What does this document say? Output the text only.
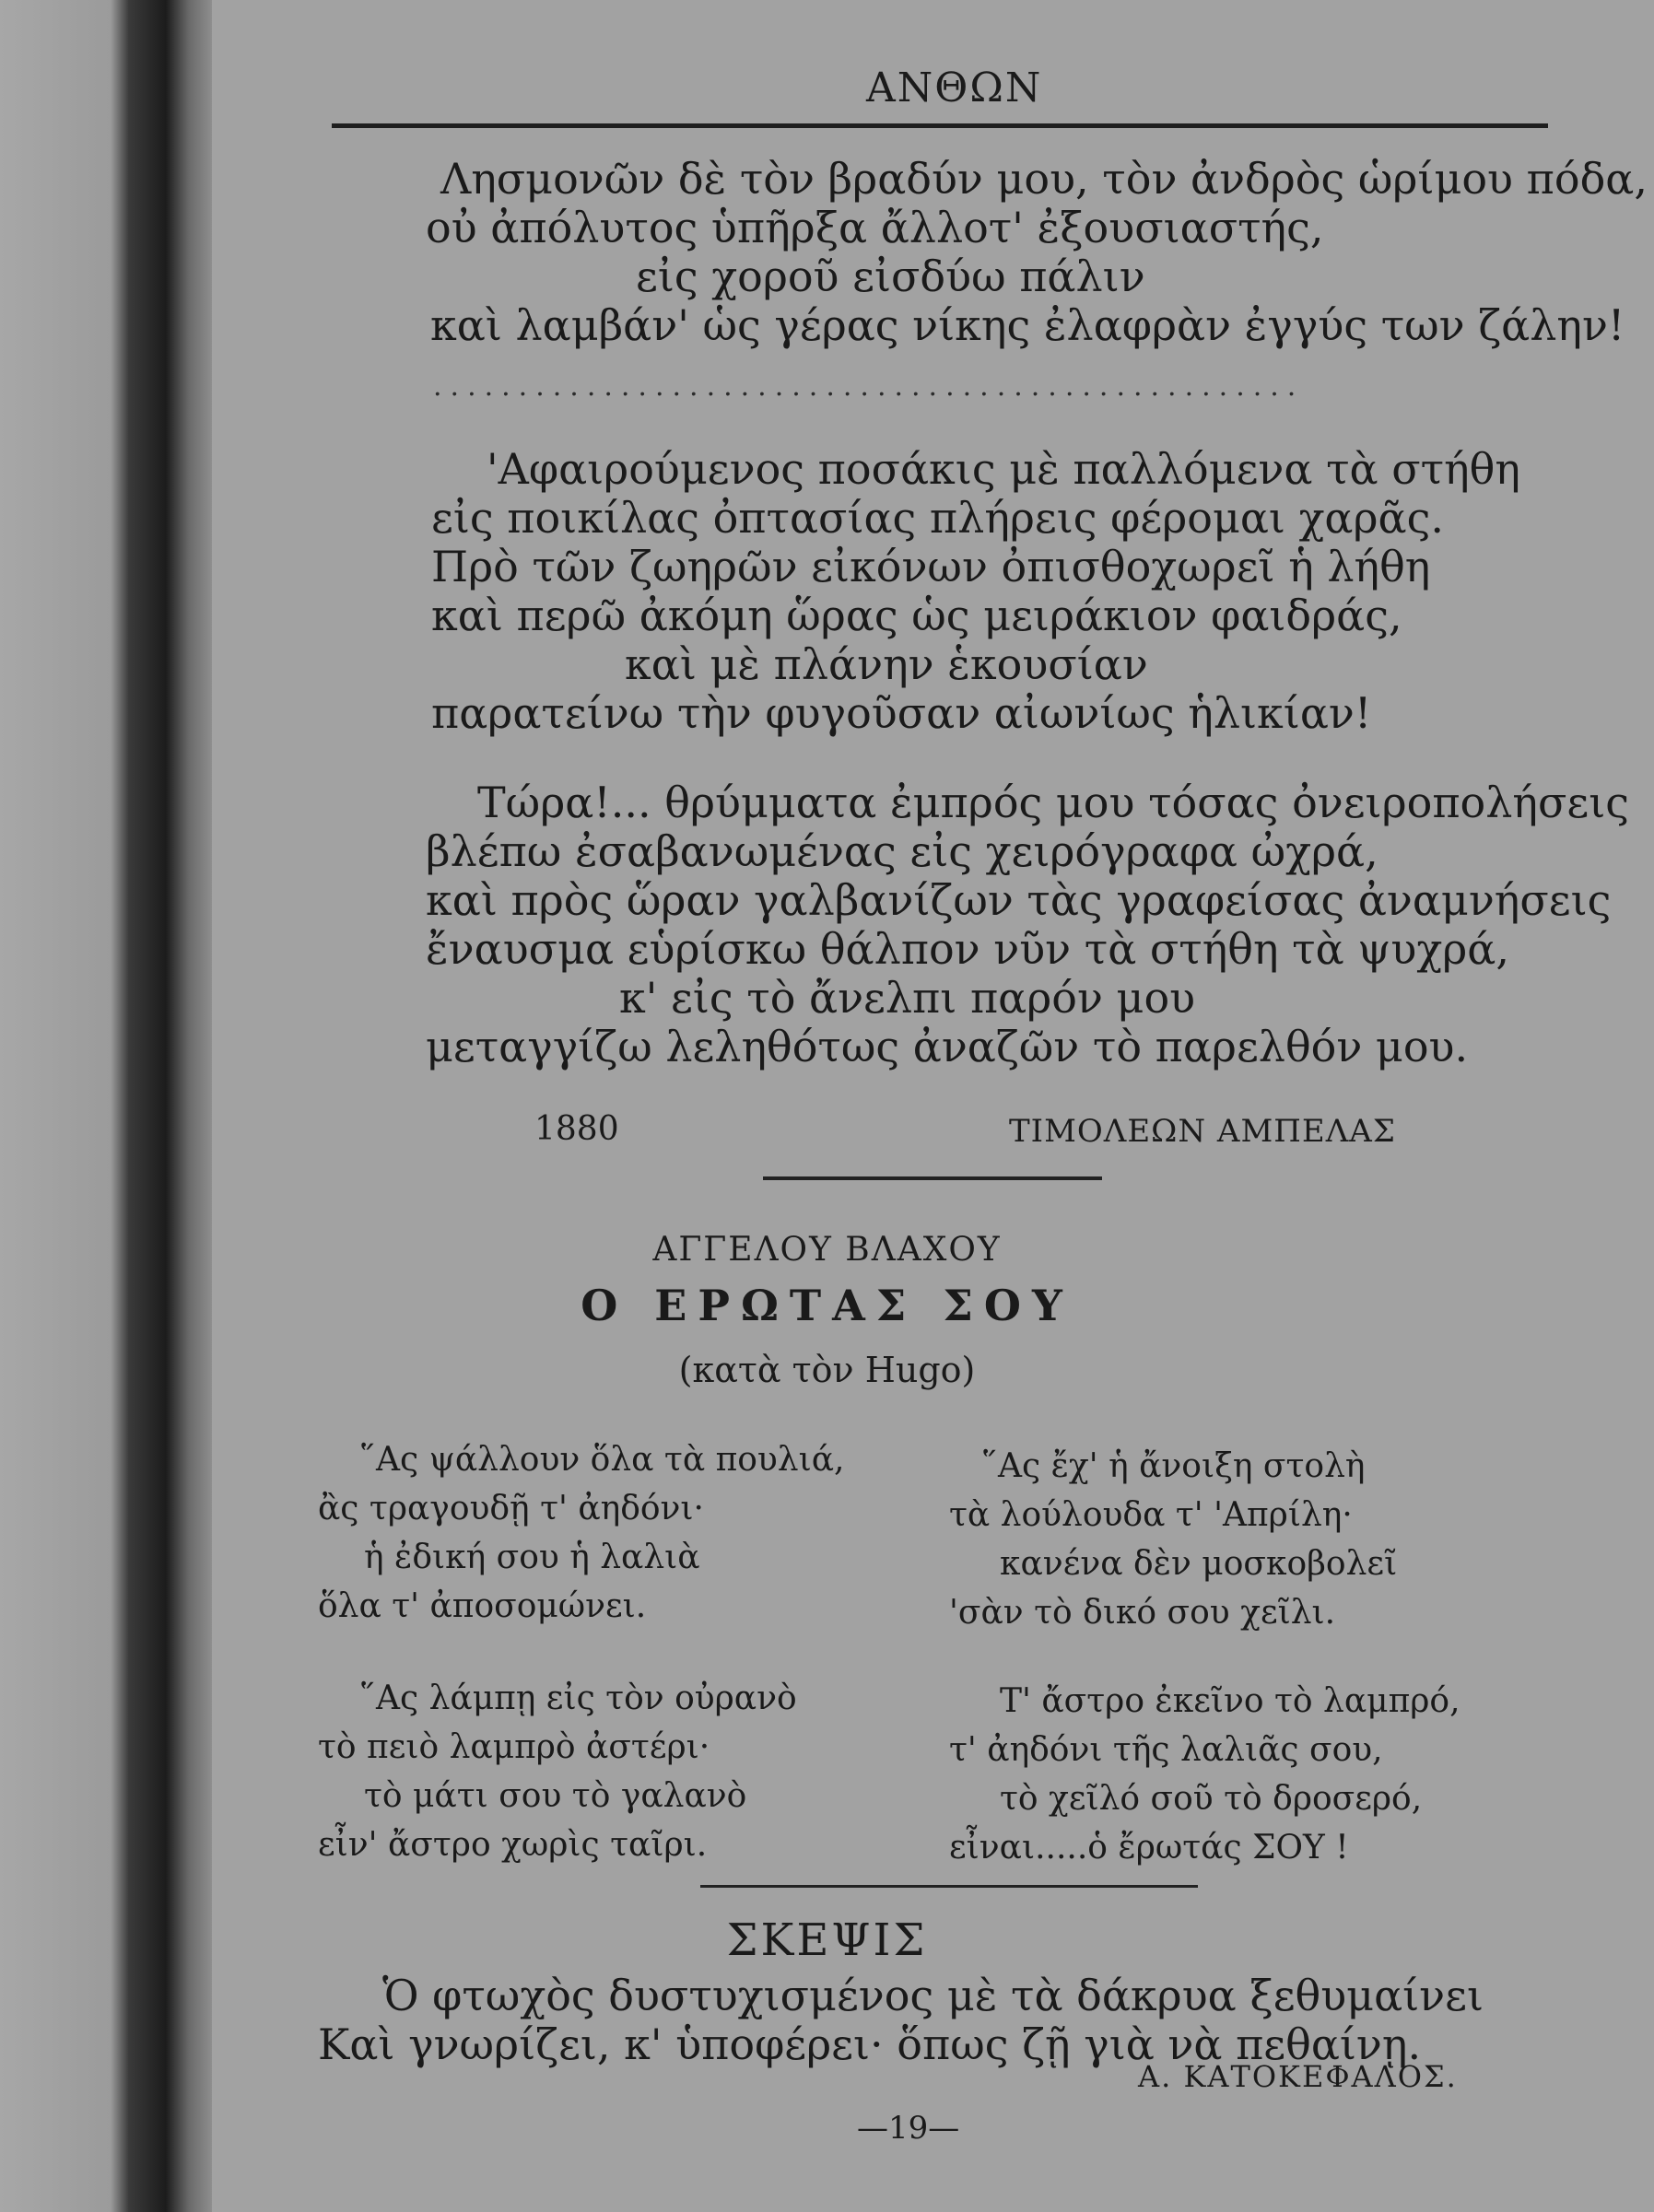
ΑΝΘΩΝ
Λησμονῶν δὲ τὸν βραδύν μου, τὸν ἀνδρὸς ὡρίμου πόδα,
οὐ ἀπόλυτος ὑπῆρξα ἄλλοτ' ἐξουσιαστής,
εἰς χοροῦ εἰσδύω πάλιν
καὶ λαμβάν' ὡς γέρας νίκης ἐλαφρὰν ἐγγύς των ζάλην!
...................................................
'Αφαιρούμενος ποσάκις μὲ παλλόμενα τὰ στήθη
εἰς ποικίλας ὀπτασίας πλήρεις φέρομαι χαρᾶς.
Πρὸ τῶν ζωηρῶν εἰκόνων ὀπισθοχωρεῖ ἡ λήθη
καὶ περῶ ἀκόμη ὥρας ὡς μειράκιον φαιδράς,
καὶ μὲ πλάνην ἑκουσίαν
παρατείνω τὴν φυγοῦσαν αἰωνίως ἡλικίαν!
Τώρα!... θρύμματα ἐμπρός μου τόσας ὀνειροπολήσεις
βλέπω ἐσαβανωμένας εἰς χειρόγραφα ὠχρά,
καὶ πρὸς ὥραν γαλβανίζων τὰς γραφείσας ἀναμνήσεις
ἔναυσμα εὑρίσκω θάλπον νῦν τὰ στήθη τὰ ψυχρά,
κ' εἰς τὸ ἄνελπι παρόν μου
μεταγγίζω λεληθότως ἀναζῶν τὸ παρελθόν μου.
1880	ΤΙΜΟΛΕΩΝ ΑΜΠΕΛΑΣ
ΑΓΓΕΛΟΥ ΒΛΑΧΟΥ
Ο ΕΡΩΤΑΣ ΣΟΥ
(κατὰ τὸν Hugo)
῞Ας ψάλλουν ὅλα τὰ πουλιά,
ἂς τραγουδῇ τ' ἀηδόνι·
ἡ ἐδική σου ἡ λαλιὰ
ὅλα τ' ἀποσομώνει.
῞Ας ἔχ' ἡ ἄνοιξη στολὴ
τὰ λούλουδα τ' 'Απρίλη·
κανένα δὲν μοσκοβολεῖ
'σὰν τὸ δικό σου χεῖλι.
῞Ας λάμπῃ εἰς τὸν οὐρανὸ
τὸ πειὸ λαμπρὸ ἀστέρι·
τὸ μάτι σου τὸ γαλανὸ
εἶν' ἄστρο χωρὶς ταῖρι.
Τ' ἄστρο ἐκεῖνο τὸ λαμπρό,
τ' ἀηδόνι τῆς λαλιᾶς σου,
τὸ χεῖλό σοῦ τὸ δροσερό,
εἶναι.....ὁ ἔρωτάς ΣΟΥ !
ΣΚΕΨΙΣ
Ὁ φτωχὸς δυστυχισμένος μὲ τὰ δάκρυα ξεθυμαίνει
Καὶ γνωρίζει, κ' ὑποφέρει· ὅπως ζῇ γιὰ νὰ πεθαίνῃ.
Α. ΚΑΤΟΚΕΦΑΛΟΣ.
—19—
